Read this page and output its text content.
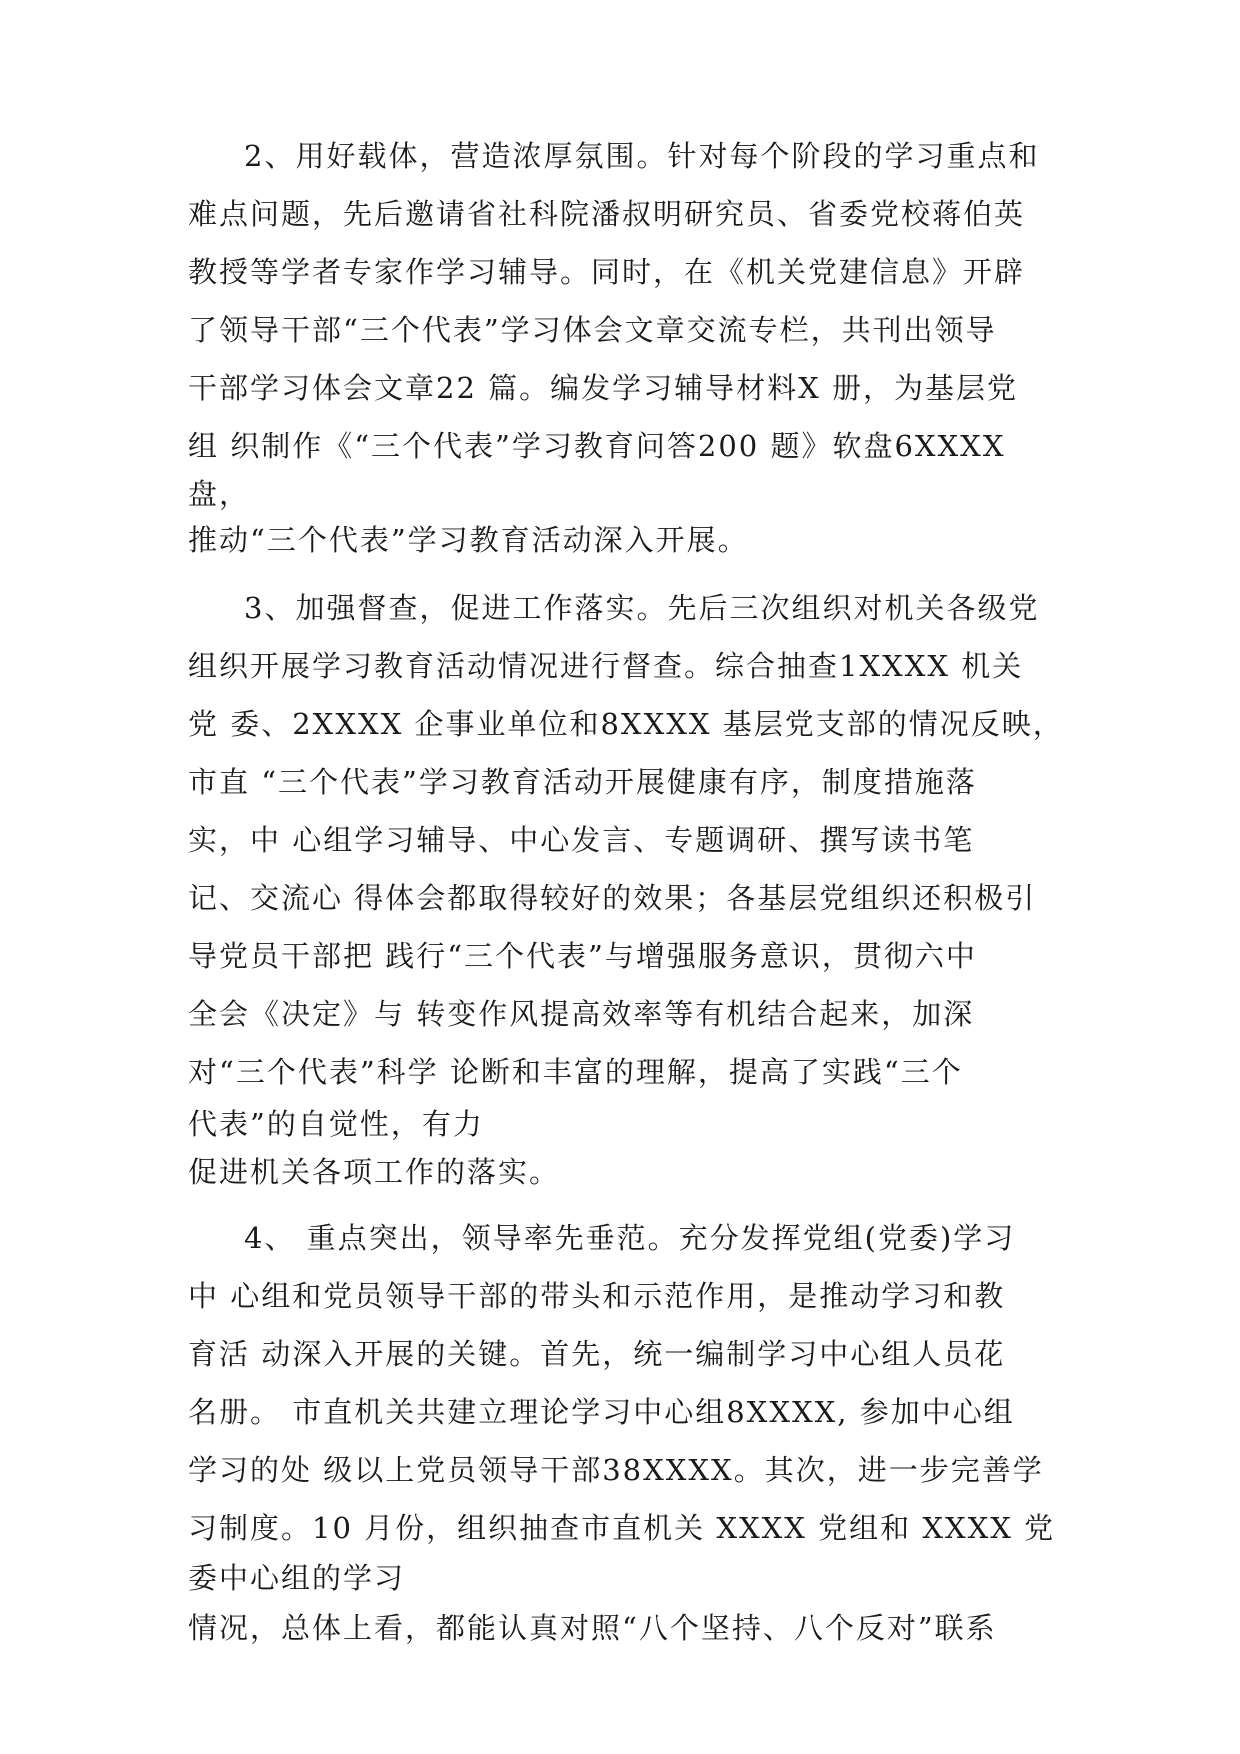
2、用好载体，营造浓厚氛围。针对每个阶段的学习重点和
难点问题，先后邀请省社科院潘叔明研究员、省委党校蒋伯英
教授等学者专家作学习辅导。同时，在《机关党建信息》开辟
了领导干部“三个代表”学习体会文章交流专栏，共刊出领导
干部学习体会文章22 篇。编发学习辅导材料X 册，为基层党
组 织制作《“三个代表”学习教育问答200 题》软盘6XXXX
盘，
推动“三个代表”学习教育活动深入开展。
3、加强督查，促进工作落实。先后三次组织对机关各级党
组织开展学习教育活动情况进行督查。综合抽查1XXXX 机关
党 委、2XXXX 企事业单位和8XXXX 基层党支部的情况反映，
市直 “三个代表”学习教育活动开展健康有序，制度措施落
实，中 心组学习辅导、中心发言、专题调研、撰写读书笔
记、交流心 得体会都取得较好的效果；各基层党组织还积极引
导党员干部把 践行“三个代表”与增强服务意识，贯彻六中
全会《决定》与 转变作风提高效率等有机结合起来，加深
对“三个代表”科学 论断和丰富的理解，提高了实践“三个
代表”的自觉性，有力
促进机关各项工作的落实。
4、 重点突出，领导率先垂范。充分发挥党组(党委)学习
中 心组和党员领导干部的带头和示范作用，是推动学习和教
育活 动深入开展的关键。首先，统一编制学习中心组人员花
名册。 市直机关共建立理论学习中心组8XXXX, 参加中心组
学习的处 级以上党员领导干部38XXXX。其次，进一步完善学
习制度。10 月份，组织抽查市直机关 XXXX 党组和 XXXX 党
委中心组的学习
情况，总体上看，都能认真对照“八个坚持、八个反对”联系
